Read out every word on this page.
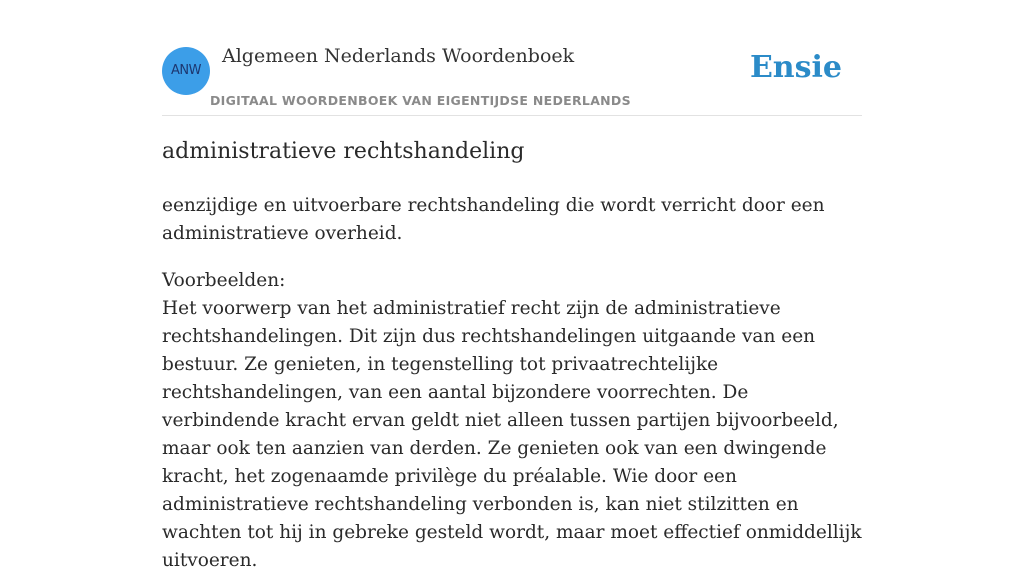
ANW
Algemeen Nederlands Woordenboek
DIGITAAL WOORDENBOEK VAN EIGENTIJDSE NEDERLANDS
Ensie
administratieve rechtshandeling

eenzijdige en uitvoerbare rechtshandeling die wordt verricht door een administratieve overheid.

Voorbeelden:
Het voorwerp van het administratief recht zijn de administratieve rechtshandelingen. Dit zijn dus rechtshandelingen uitgaande van een bestuur. Ze genieten, in tegenstelling tot privaatrechtelijke rechtshandelingen, van een aantal bijzondere voorrechten. De verbindende kracht ervan geldt niet alleen tussen partijen bijvoorbeeld, maar ook ten aanzien van derden. Ze genieten ook van een dwingende kracht, het zogenaamde privilège du préalable. Wie door een administratieve rechtshandeling verbonden is, kan niet stilzitten en wachten tot hij in gebreke gesteld wordt, maar moet effectief onmiddellijk uitvoeren.
